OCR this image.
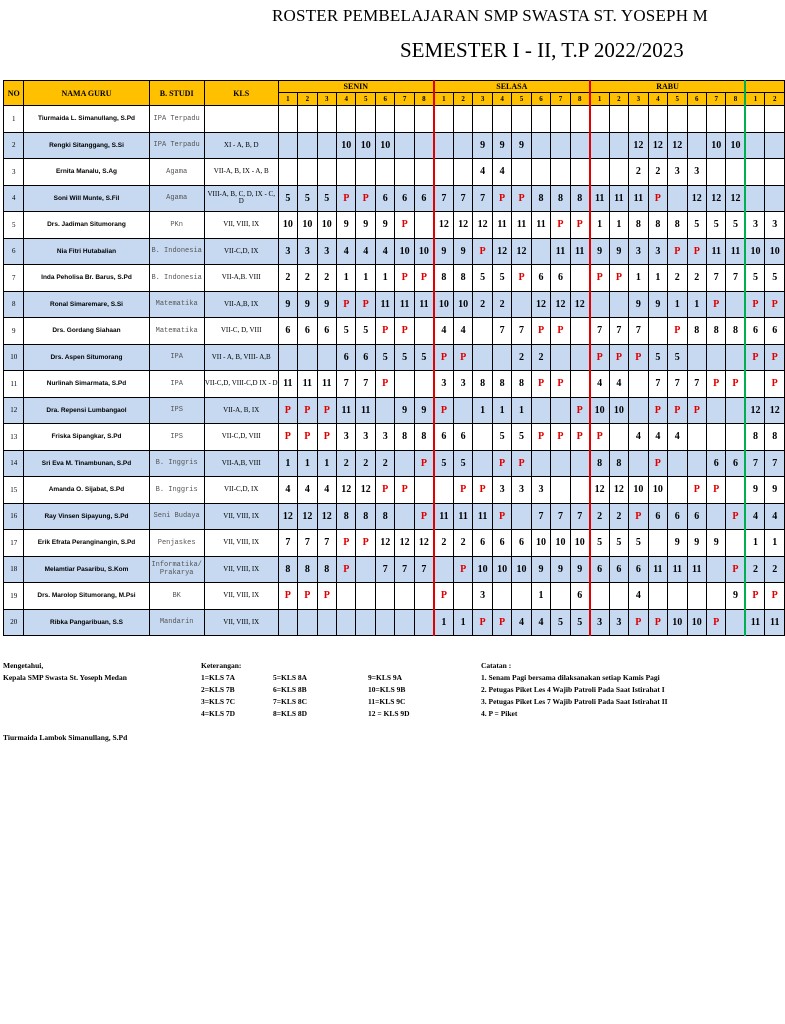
ROSTER PEMBELAJARAN SMP SWASTA ST. YOSEPH M
SEMESTER I - II, T.P 2022/2023
NO	NAMA GURU	B. STUDI	KLS	SENIN								SELASA								RABU									
				1	2	3	4	5	6	7	8	1	2	3	4	5	6	7	8	1	2	3	4	5	6	7	8	1	2
1	Tiurmaida L. Simanullang, S.Pd	IPA Terpadu																											
2	Rengki Sitanggang, S.Si	IPA Terpadu	XI - A, B, D				10	10	10					9	9	9						12	12	12		10	10		
3	Ernita Manalu, S.Ag	Agama	VII-A, B, IX - A, B											4	4							2	2	3	3				
4	Soni Will Munte, S.Fil	Agama	VIII-A, B, C, D, IX - C, D	5	5	5	P	P	6	6	6	7	7	7	P	P	8	8	8	11	11	11	P		12	12	12		
5	Drs. Jadiman Situmorang	PKn	VII, VIII, IX	10	10	10	9	9	9	P		12	12	12	11	11	11	P	P	1	1	8	8	8	5	5	5	3	3
6	Nia Fitri Hutabalian	B. Indonesia	VII-C,D, IX	3	3	3	4	4	4	10	10	9	9	P	12	12		11	11	9	9	3	3	P	P	11	11	10	10
7	Inda Peholisa Br. Barus, S.Pd	B. Indonesia	VII-A,B. VIII	2	2	2	1	1	1	P	P	8	8	5	5	P	6	6		P	P	1	1	2	2	7	7	5	5
8	Ronal Simaremare, S.Si	Matematika	VII-A,B, IX	9	9	9	P	P	11	11	11	10	10	2	2		12	12	12			9	9	1	1	P		P	P
9	Drs. Gordang Siahaan	Matematika	VII-C, D, VIII	6	6	6	5	5	P	P		4	4		7	7	P	P		7	7	7		P	8	8	8	6	6
10	Drs. Aspen Situmorang	IPA	VII - A, B, VIII- A,B				6	6	5	5	5	P	P			2	2			P	P	P	5	5				P	P
11	Nurlinah Simarmata, S.Pd	IPA	VII-C,D, VIII-C,D IX - D	11	11	11	7	7	P			3	3	8	8	8	P	P		4	4		7	7	7	P	P		P
12	Dra. Repensi Lumbangaol	IPS	VII-A, B, IX	P	P	P	11	11		9	9	P		1	1	1			P	10	10		P	P	P			12	12
13	Friska Sipangkar, S.Pd	IPS	VII-C,D, VIII	P	P	P	3	3	3	8	8	6	6		5	5	P	P	P	P		4	4	4				8	8
14	Sri Eva M. Tinambunan, S.Pd	B. Inggris	VII-A,B, VIII	1	1	1	2	2	2		P	5	5		P	P				8	8		P			6	6	7	7
15	Amanda O. Sijabat, S.Pd	B. Inggris	VII-C,D, IX	4	4	4	12	12	P	P			P	P	3	3	3			12	12	10	10		P	P		9	9
16	Ray Vinsen Sipayung, S.Pd	Seni Budaya	VII, VIII, IX	12	12	12	8	8	8		P	11	11	11	P		7	7	7	2	2	P	6	6	6		P	4	4
17	Erik Efrata Peranginangin, S.Pd	Penjaskes	VII, VIII, IX	7	7	7	P	P	12	12	12	2	2	6	6	6	10	10	10	5	5	5		9	9	9		1	1
18	Melamtiar Pasaribu, S.Kom	Informatika/ Prakarya	VII, VIII, IX	8	8	8	P		7	7	7		P	10	10	10	9	9	9	6	6	6	11	11	11		P	2	2
19	Drs. Marolop Situmorang, M.Psi	BK	VII, VIII, IX	P	P	P						P		3			1		6			4					9	P	P
20	Ribka Pangaribuan, S.S	Mandarin	VII, VIII, IX									1	1	P	P	4	4	5	5	3	3	P	P	10	10	P		11	11
Mengetahui,
Kepala SMP Swasta St. Yoseph Medan
Tiurmaida Lambok Simanullang, S.Pd
Keterangan:
1=KLS 7A	5=KLS 8A	9=KLS 9A
2=KLS 7B	6=KLS 8B	10=KLS 9B
3=KLS 7C	7=KLS 8C	11=KLS 9C
4=KLS 7D	8=KLS 8D	12 = KLS 9D
Catatan :
1. Senam Pagi bersama dilaksanakan setiap Kamis Pagi
2. Petugas Piket Les 4 Wajib Patroli Pada Saat Istirahat I
3. Petugas Piket Les 7 Wajib Patroli Pada Saat Istirahat II
4. P = Piket
